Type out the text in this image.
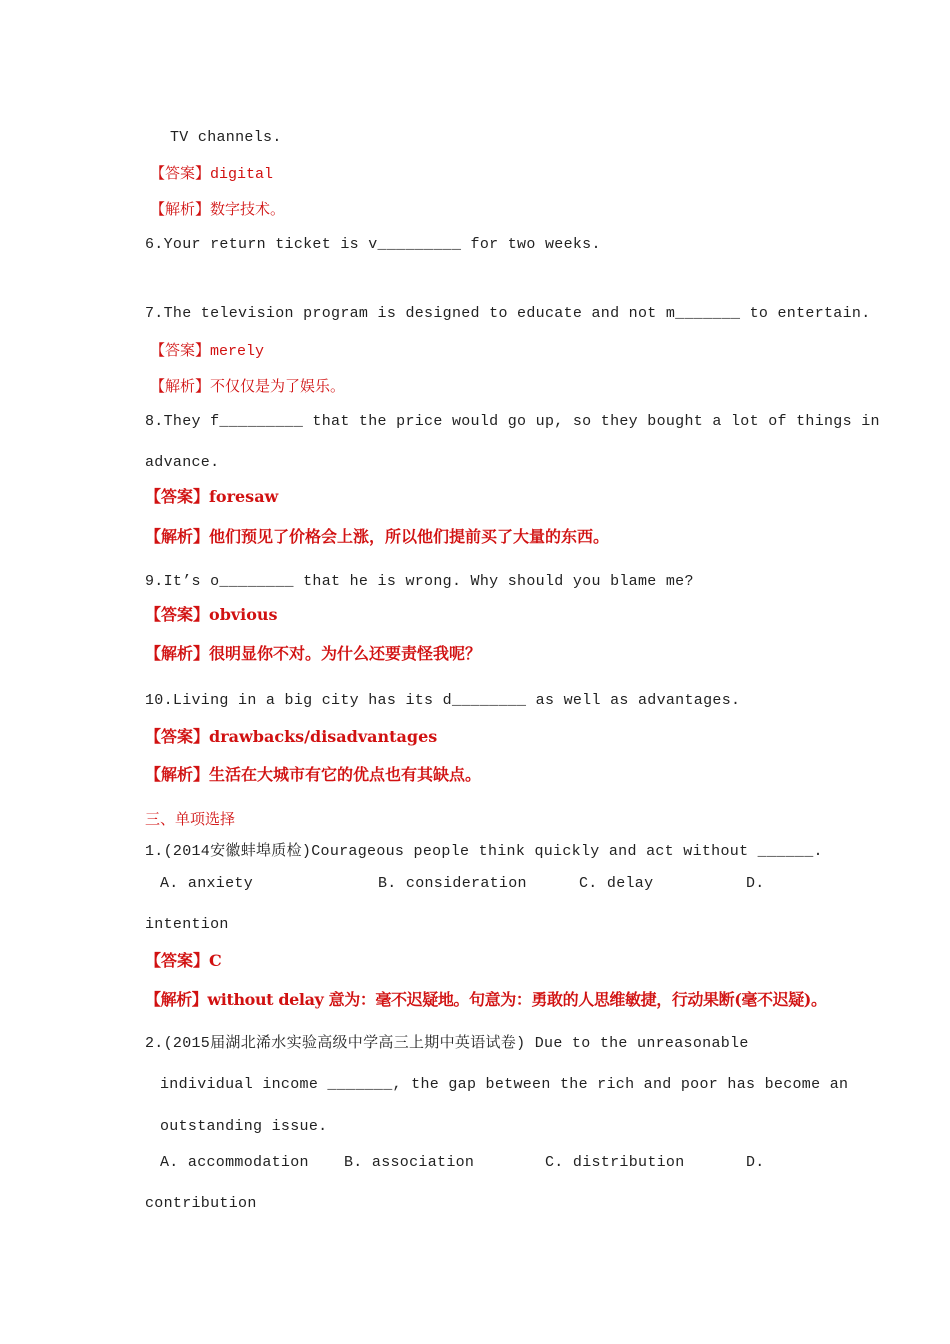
TV channels.
【答案】digital
【解析】数字技术。
6.Your return ticket is v_________ for two weeks.
7.The television program is designed to educate and not m_______ to entertain.
【答案】merely
【解析】不仅仅是为了娱乐。
8.They f_________ that the price would go up, so they bought a lot of things in
advance.
【答案】foresaw
【解析】他们预见了价格会上涨，所以他们提前买了大量的东西。
9.It’s o________ that he is wrong. Why should you blame me?
【答案】obvious
【解析】很明显你不对。为什么还要责怪我呢？
10.Living in a big city has its d________ as well as advantages.
【答案】drawbacks/disadvantages
【解析】生活在大城市有它的优点也有其缺点。
三、单项选择
1.(2014安徽蚌埠质检)Courageous people think quickly and act without ______.
A. anxiety	B. consideration	C. delay	D.
intention
【答案】C
【解析】without delay 意为：毫不迟疑地。句意为：勇敢的人思维敏捷，行动果断(毫不迟疑)。
2.(2015届湖北浠水实验高级中学高三上期中英语试卷) Due to the unreasonable
individual income _______, the gap between the rich and poor has become an
outstanding issue.
A. accommodation B. association	C. distribution	D.
contribution
